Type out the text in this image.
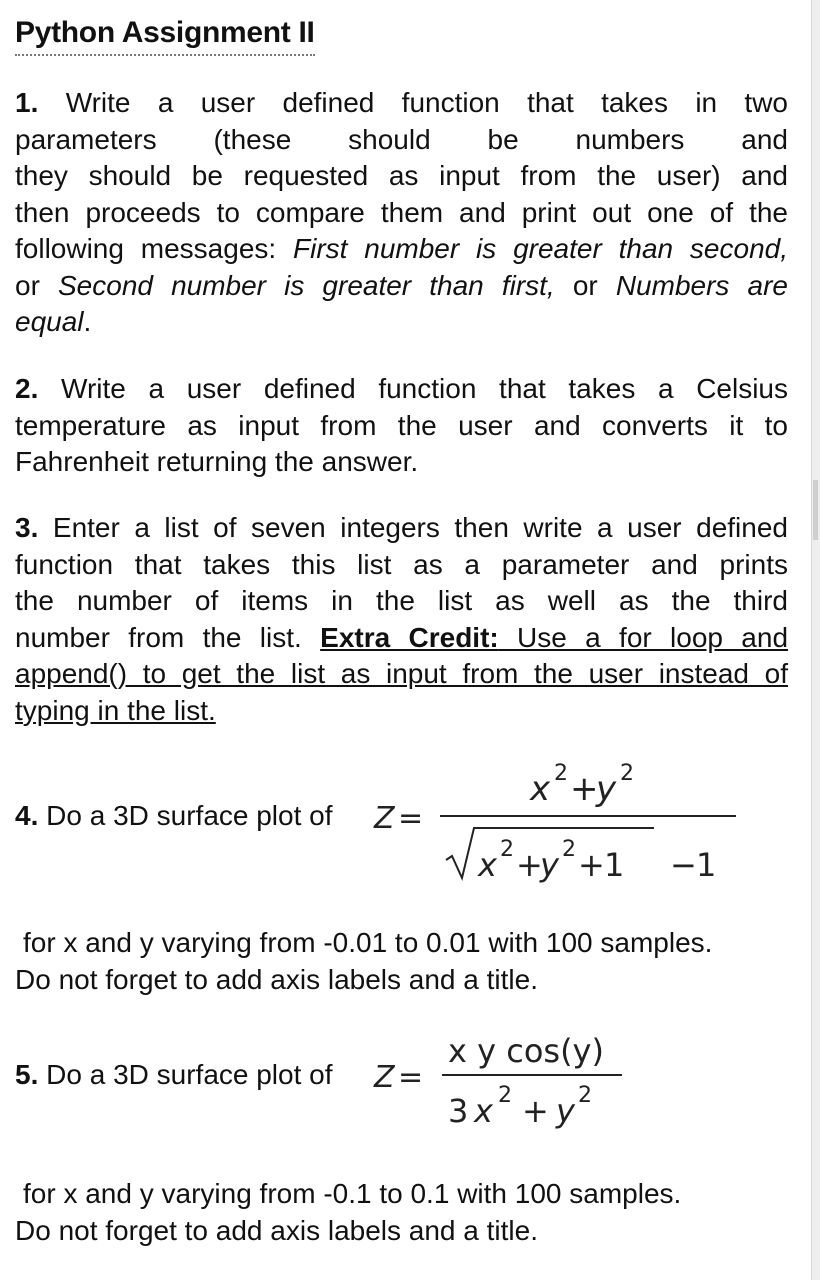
Python Assignment II
1. Write a user defined function that takes in two
parameters (these should be numbers and
they should be requested as input from the user) and
then proceeds to compare them and print out one of the
following messages: First number is greater than second,
or Second number is greater than first, or Numbers are
equal.
2. Write a user defined function that takes a Celsius
temperature as input from the user and converts it to
Fahrenheit returning the answer.
3. Enter a list of seven integers then write a user defined
function that takes this list as a parameter and prints
the number of items in the list as well as the third
number from the list. Extra Credit: Use a for loop and
append() to get the list as input from the user instead of
typing in the list.
4. Do a 3D surface plot of Z =
x 2 +
y 2
x 2 +
y 2 + 1 − 1
for x and y varying from -0.01 to 0.01 with 100 samples.
Do not forget to add axis labels and a title.
5. Do a 3D surface plot of Z =
x y cos(y)
3 x 2 + y 2
for x and y varying from -0.1 to 0.1 with 100 samples.
Do not forget to add axis labels and a title.
